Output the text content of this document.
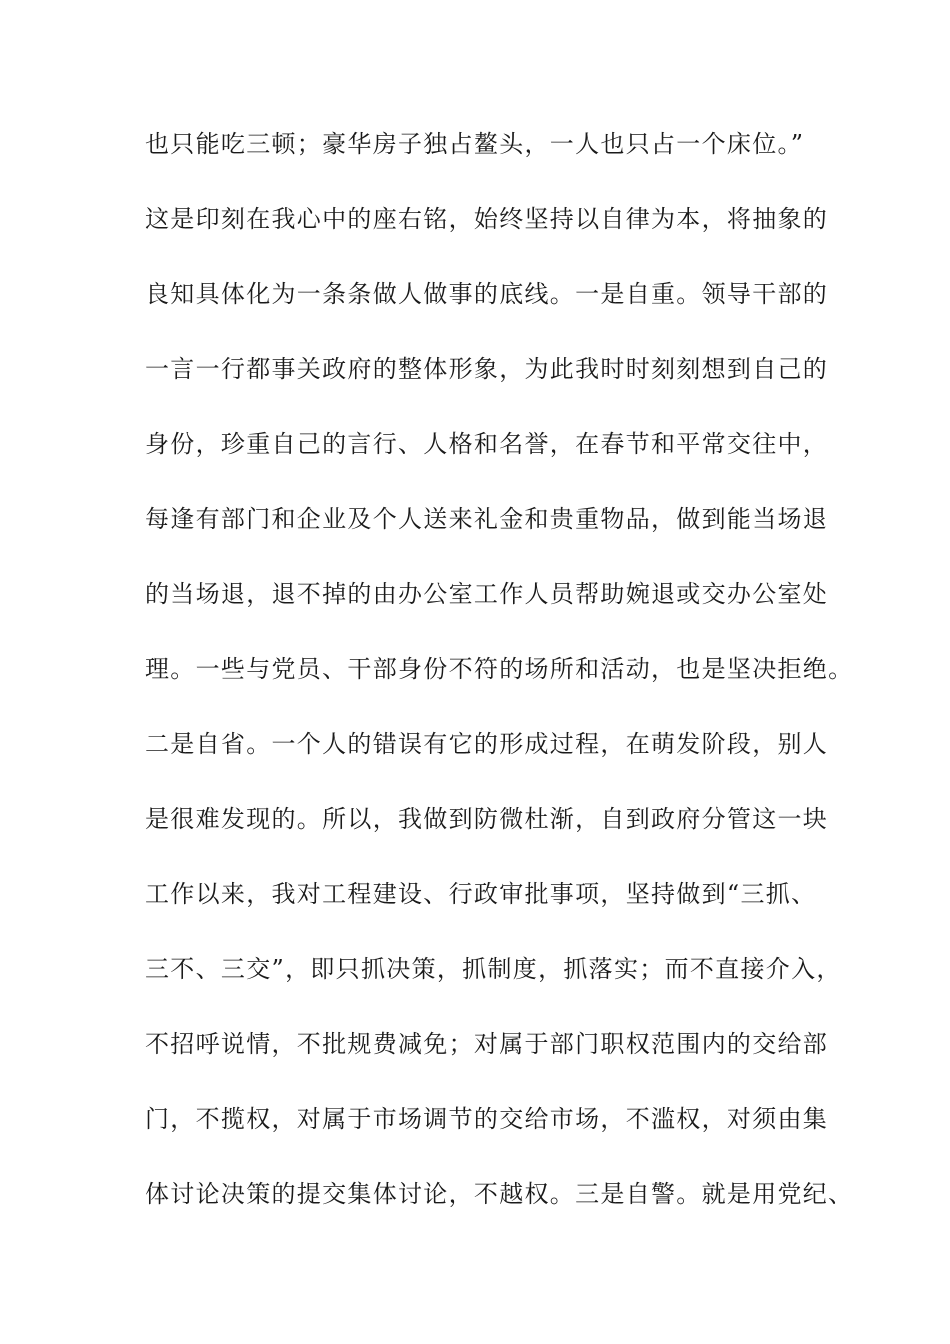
也只能吃三顿；豪华房子独占鳌头，一人也只占一个床位。”

这是印刻在我心中的座右铭，始终坚持以自律为本，将抽象的

良知具体化为一条条做人做事的底线。一是自重。领导干部的

一言一行都事关政府的整体形象，为此我时时刻刻想到自己的

身份，珍重自己的言行、人格和名誉，在春节和平常交往中，

每逢有部门和企业及个人送来礼金和贵重物品，做到能当场退

的当场退，退不掉的由办公室工作人员帮助婉退或交办公室处

理。一些与党员、干部身份不符的场所和活动，也是坚决拒绝。

二是自省。一个人的错误有它的形成过程，在萌发阶段，别人

是很难发现的。所以，我做到防微杜渐，自到政府分管这一块

工作以来，我对工程建设、行政审批事项，坚持做到“三抓、

三不、三交”，即只抓决策，抓制度，抓落实；而不直接介入，

不招呼说情，不批规费减免；对属于部门职权范围内的交给部

门，不揽权，对属于市场调节的交给市场，不滥权，对须由集

体讨论决策的提交集体讨论，不越权。三是自警。就是用党纪、
